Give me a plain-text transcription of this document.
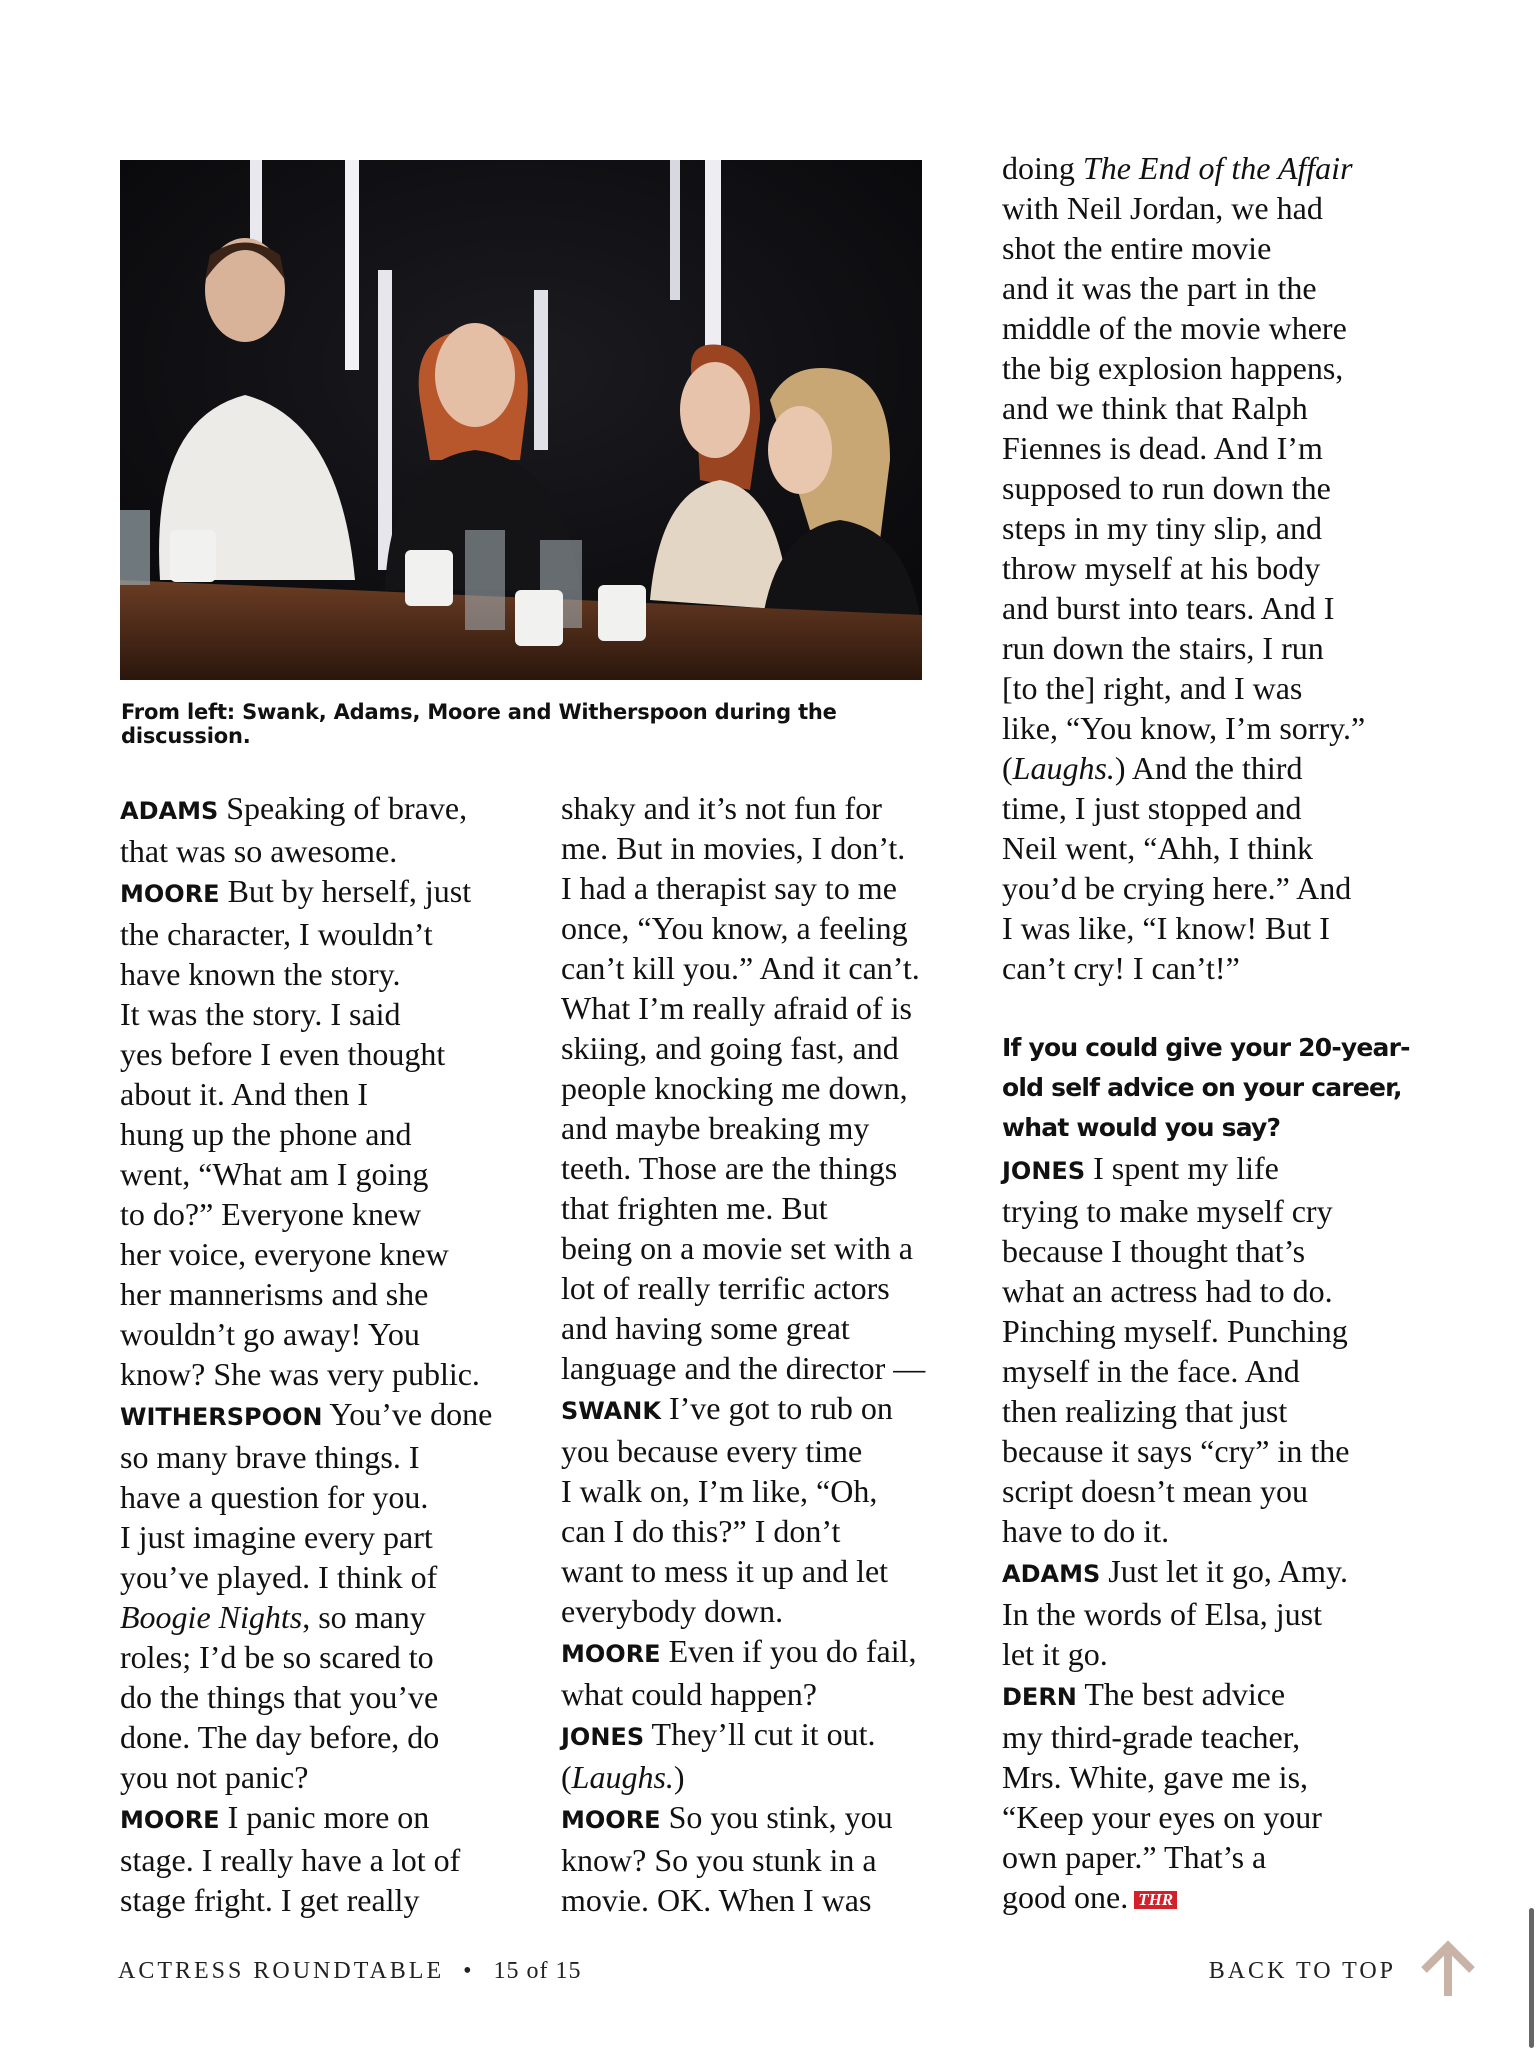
From left: Swank, Adams, Moore and Witherspoon during the discussion.
ADAMS Speaking of brave,
that was so awesome.
MOORE But by herself, just
the character, I wouldn’t
have known the story.
It was the story. I said
yes before I even thought
about it. And then I
hung up the phone and
went, “What am I going
to do?” Everyone knew
her voice, everyone knew
her mannerisms and she
wouldn’t go away! You
know? She was very public.
WITHERSPOON You’ve done
so many brave things. I
have a question for you.
I just imagine every part
you’ve played. I think of
Boogie Nights, so many
roles; I’d be so scared to
do the things that you’ve
done. The day before, do
you not panic?
MOORE I panic more on
stage. I really have a lot of
stage fright. I get really
shaky and it’s not fun for
me. But in movies, I don’t.
I had a therapist say to me
once, “You know, a feeling
can’t kill you.” And it can’t.
What I’m really afraid of is
skiing, and going fast, and
people knocking me down,
and maybe breaking my
teeth. Those are the things
that frighten me. But
being on a movie set with a
lot of really terrific actors
and having some great
language and the director —
SWANK I’ve got to rub on
you because every time
I walk on, I’m like, “Oh,
can I do this?” I don’t
want to mess it up and let
everybody down.
MOORE Even if you do fail,
what could happen?
JONES They’ll cut it out.
(Laughs.)
MOORE So you stink, you
know? So you stunk in a
movie. OK. When I was
doing The End of the Affair
with Neil Jordan, we had
shot the entire movie
and it was the part in the
middle of the movie where
the big explosion happens,
and we think that Ralph
Fiennes is dead. And I’m
supposed to run down the
steps in my tiny slip, and
throw myself at his body
and burst into tears. And I
run down the stairs, I run
[to the] right, and I was
like, “You know, I’m sorry.”
(Laughs.) And the third
time, I just stopped and
Neil went, “Ahh, I think
you’d be crying here.” And
I was like, “I know! But I
can’t cry! I can’t!”
If you could give your 20-year-
old self advice on your career,
what would you say?
JONES I spent my life
trying to make myself cry
because I thought that’s
what an actress had to do.
Pinching myself. Punching
myself in the face. And
then realizing that just
because it says “cry” in the
script doesn’t mean you
have to do it.
ADAMS Just let it go, Amy.
In the words of Elsa, just
let it go.
DERN The best advice
my third-grade teacher,
Mrs. White, gave me is,
“Keep your eyes on your
own paper.” That’s a
good one. THR
ACTRESS ROUNDTABLE • 15 of 15	BACK TO TOP
